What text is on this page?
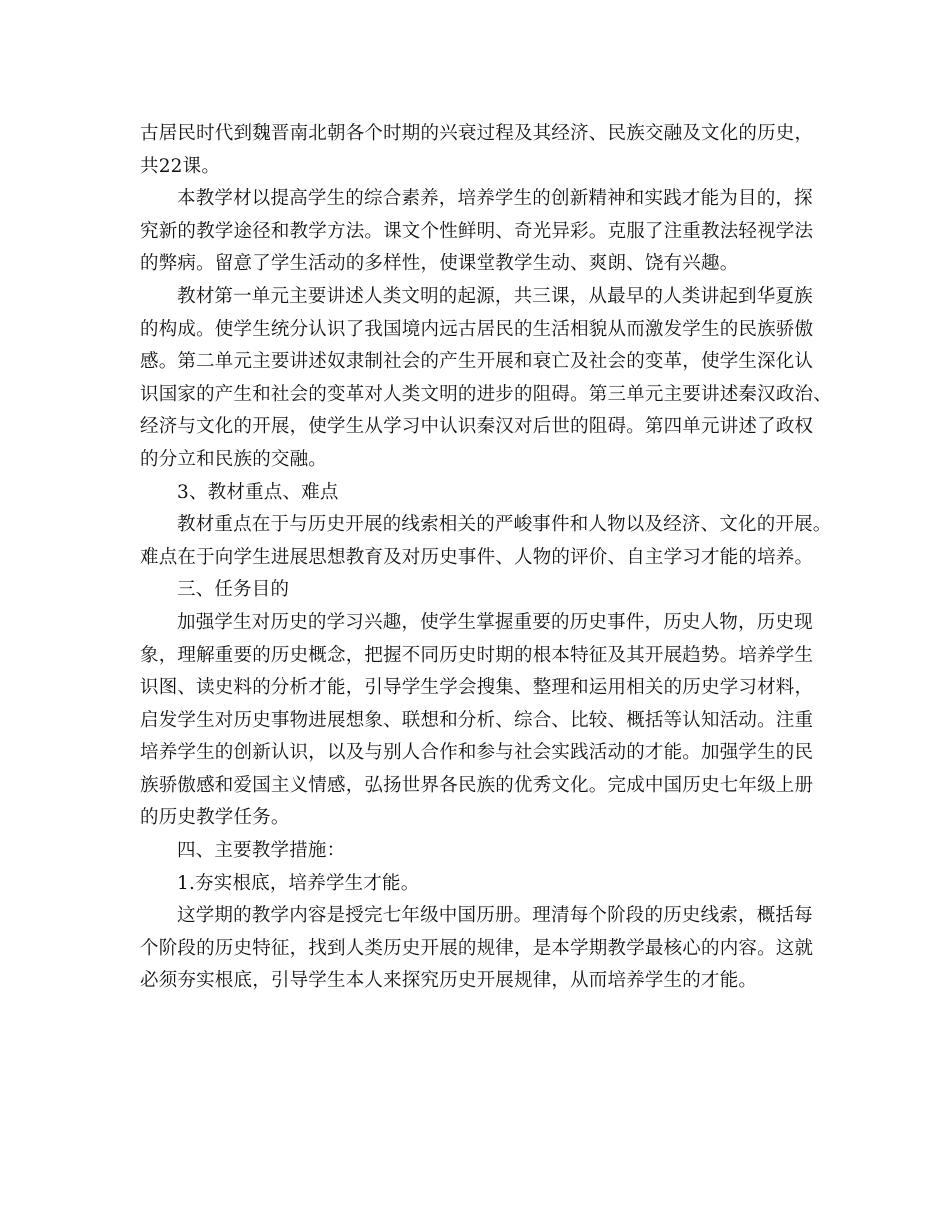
古居民时代到魏晋南北朝各个时期的兴衰过程及其经济、民族交融及文化的历史，
共22课。
本教学材以提高学生的综合素养，培养学生的创新精神和实践才能为目的，探
究新的教学途径和教学方法。课文个性鲜明、奇光异彩。克服了注重教法轻视学法
的弊病。留意了学生活动的多样性，使课堂教学生动、爽朗、饶有兴趣。
教材第一单元主要讲述人类文明的起源，共三课，从最早的人类讲起到华夏族
的构成。使学生统分认识了我国境内远古居民的生活相貌从而激发学生的民族骄傲
感。第二单元主要讲述奴隶制社会的产生开展和衰亡及社会的变革，使学生深化认
识国家的产生和社会的变革对人类文明的进步的阻碍。第三单元主要讲述秦汉政治、
经济与文化的开展，使学生从学习中认识秦汉对后世的阻碍。第四单元讲述了政权
的分立和民族的交融。
3、教材重点、难点
教材重点在于与历史开展的线索相关的严峻事件和人物以及经济、文化的开展。
难点在于向学生进展思想教育及对历史事件、人物的评价、自主学习才能的培养。
三、任务目的
加强学生对历史的学习兴趣，使学生掌握重要的历史事件，历史人物，历史现
象，理解重要的历史概念，把握不同历史时期的根本特征及其开展趋势。培养学生
识图、读史料的分析才能，引导学生学会搜集、整理和运用相关的历史学习材料，
启发学生对历史事物进展想象、联想和分析、综合、比较、概括等认知活动。注重
培养学生的创新认识，以及与别人合作和参与社会实践活动的才能。加强学生的民
族骄傲感和爱国主义情感，弘扬世界各民族的优秀文化。完成中国历史七年级上册
的历史教学任务。
四、主要教学措施：
1.夯实根底，培养学生才能。
这学期的教学内容是授完七年级中国历册。理清每个阶段的历史线索，概括每
个阶段的历史特征，找到人类历史开展的规律，是本学期教学最核心的内容。这就
必须夯实根底，引导学生本人来探究历史开展规律，从而培养学生的才能。
